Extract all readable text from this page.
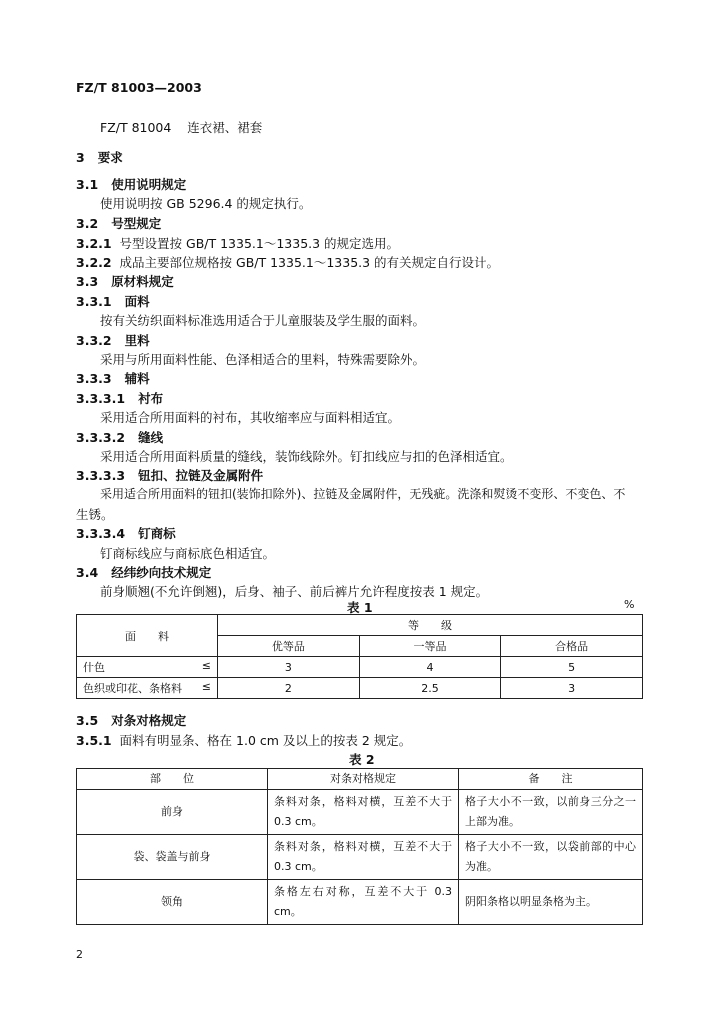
FZ/T 81003—2003
FZ/T 81004 连衣裙、裙套
3 要求
3.1 使用说明规定
使用说明按 GB 5296.4 的规定执行。
3.2 号型规定
3.2.1 号型设置按 GB/T 1335.1～1335.3 的规定选用。
3.2.2 成品主要部位规格按 GB/T 1335.1～1335.3 的有关规定自行设计。
3.3 原材料规定
3.3.1 面料
按有关纺织面料标准选用适合于儿童服装及学生服的面料。
3.3.2 里料
采用与所用面料性能、色泽相适合的里料，特殊需要除外。
3.3.3 辅料
3.3.3.1 衬布
采用适合所用面料的衬布，其收缩率应与面料相适宜。
3.3.3.2 缝线
采用适合所用面料质量的缝线，装饰线除外。钉扣线应与扣的色泽相适宜。
3.3.3.3 钮扣、拉链及金属附件
采用适合所用面料的钮扣(装饰扣除外)、拉链及金属附件，无残疵。洗涤和熨烫不变形、不变色、不
生锈。
3.3.3.4 钉商标
钉商标线应与商标底色相适宜。
3.4 经纬纱向技术规定
前身顺翘(不允许倒翘)，后身、袖子、前后裤片允许程度按表 1 规定。
表 1	%
面　　料	等　　级		
	优等品	一等品	合格品
什色 ≤	3	4	5
色织或印花、条格料 ≤	2	2.5	3
3.5 对条对格规定
3.5.1 面料有明显条、格在 1.0 cm 及以上的按表 2 规定。
表 2
部　　位	对条对格规定	备　　注
前身	条料对条，格料对横，互差不大于0.3 cm。	格子大小不一致，以前身三分之一上部为准。
袋、袋盖与前身	条料对条，格料对横，互差不大于0.3 cm。	格子大小不一致，以袋前部的中心为准。
领角	条格左右对称，互差不大于 0.3 cm。	阴阳条格以明显条格为主。
2
